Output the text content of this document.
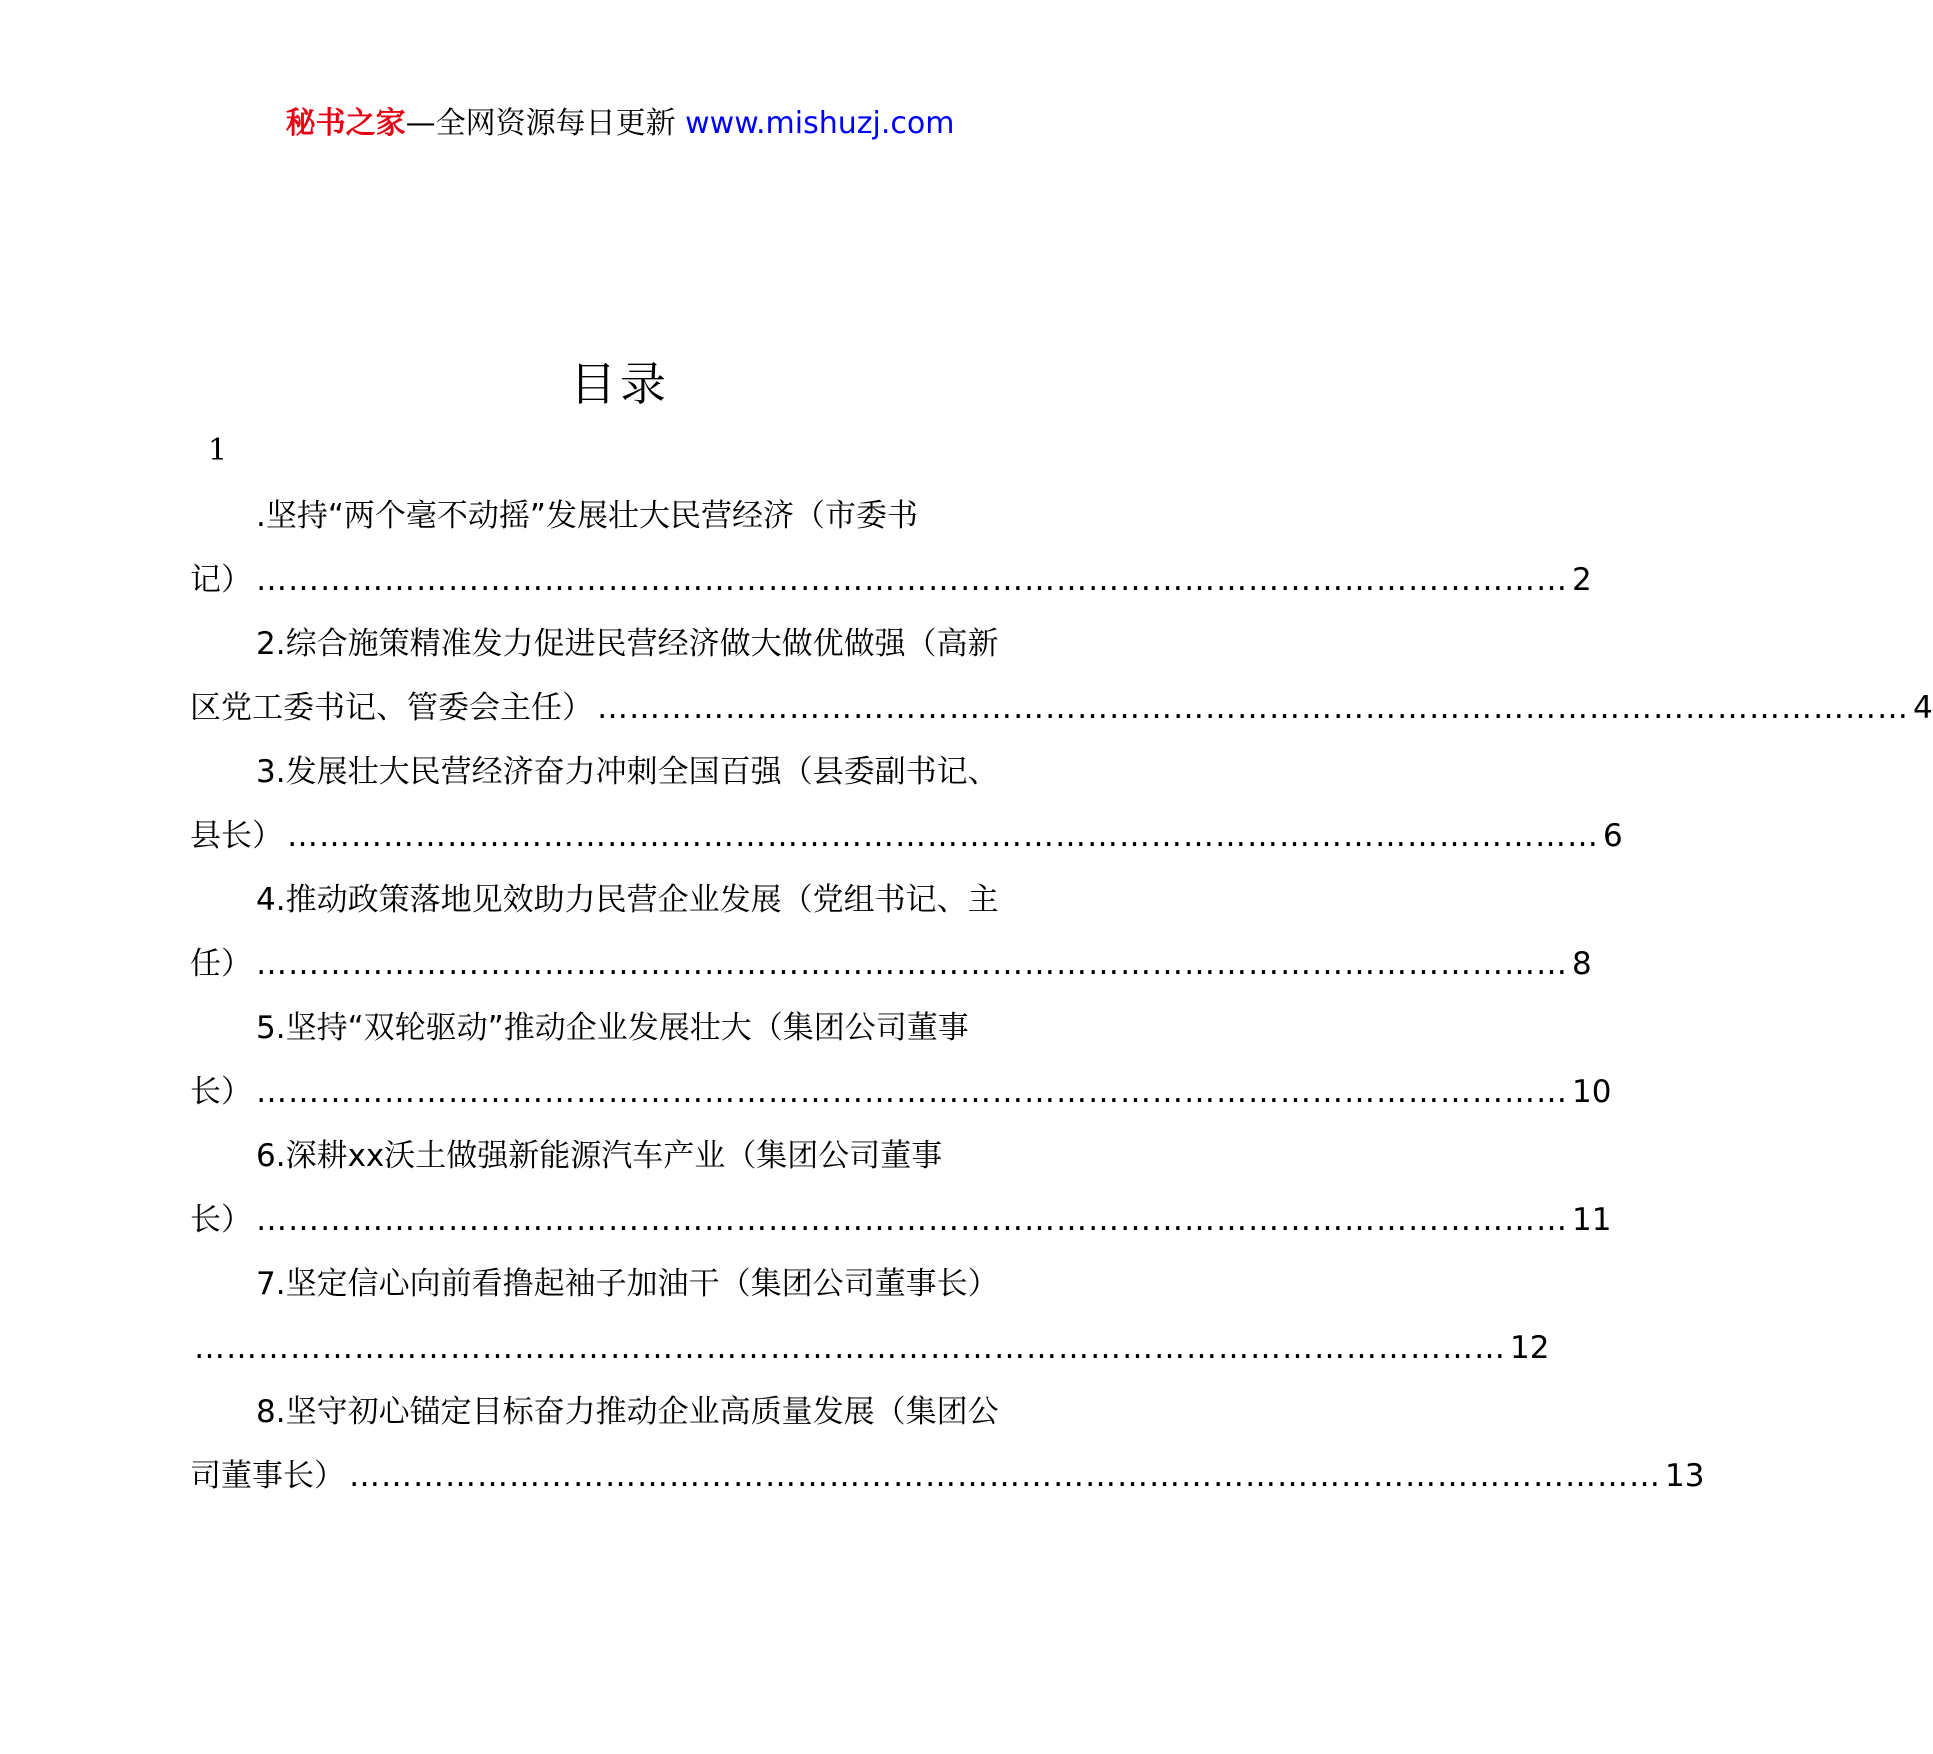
秘书之家—全网资源每日更新 www.mishuzj.com
目录
1
.坚持“两个毫不动摇”发展壮大民营经济（市委书
记） …………………………………………………………………………………………………………… 2
2.综合施策精准发力促进民营经济做大做优做强（高新
区党工委书记、管委会主任） …………………………………………………………………………………………………………… 4
3.发展壮大民营经济奋力冲刺全国百强（县委副书记、
县长） …………………………………………………………………………………………………………… 6
4.推动政策落地见效助力民营企业发展（党组书记、主
任） …………………………………………………………………………………………………………… 8
5.坚持“双轮驱动”推动企业发展壮大（集团公司董事
长） …………………………………………………………………………………………………………… 10
6.深耕xx沃土做强新能源汽车产业（集团公司董事
长） …………………………………………………………………………………………………………… 11
7.坚定信心向前看撸起袖子加油干（集团公司董事长）
…………………………………………………………………………………………………………… 12
8.坚守初心锚定目标奋力推动企业高质量发展（集团公
司董事长） …………………………………………………………………………………………………………… 13
